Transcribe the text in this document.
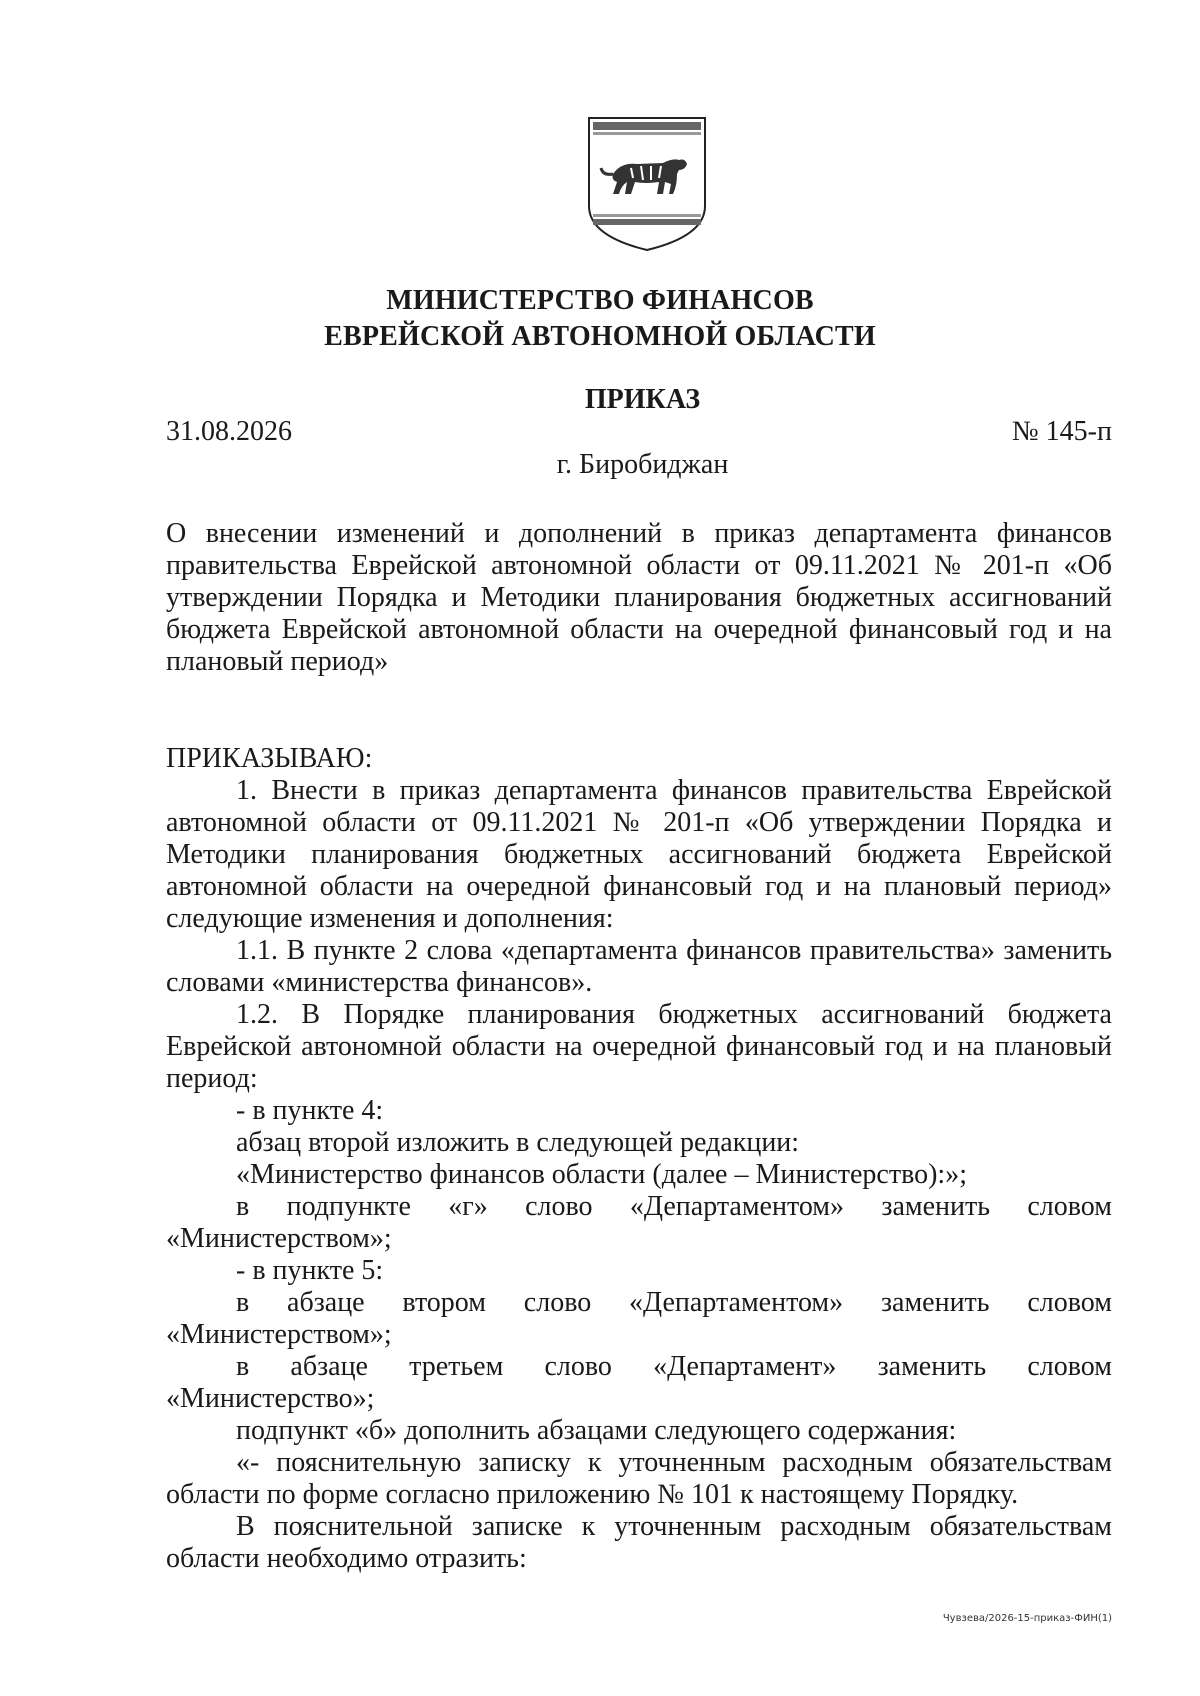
МИНИСТЕРСТВО ФИНАНСОВ
ЕВРЕЙСКОЙ АВТОНОМНОЙ ОБЛАСТИ
ПРИКАЗ
31.08.2026	№ 145-п
г. Биробиджан
О внесении изменений и дополнений в приказ департамента финансов правительства Еврейской автономной области от 09.11.2021 № 201-п «Об утверждении Порядка и Методики планирования бюджетных ассигнований бюджета Еврейской автономной области на очередной финансовый год и на плановый период»

ПРИКАЗЫВАЮ:

1. Внести в приказ департамента финансов правительства Еврейской автономной области от 09.11.2021 № 201-п «Об утверждении Порядка и Методики планирования бюджетных ассигнований бюджета Еврейской автономной области на очередной финансовый год и на плановый период» следующие изменения и дополнения:

1.1. В пункте 2 слова «департамента финансов правительства» заменить словами «министерства финансов».

1.2. В Порядке планирования бюджетных ассигнований бюджета Еврейской автономной области на очередной финансовый год и на плановый период:

- в пункте 4:

абзац второй изложить в следующей редакции:

«Министерство финансов области (далее – Министерство):»;

в подпункте «г» слово «Департаментом» заменить словом «Министерством»;

- в пункте 5:

в абзаце втором слово «Департаментом» заменить словом «Министерством»;

в абзаце третьем слово «Департамент» заменить словом «Министерство»;

подпункт «б» дополнить абзацами следующего содержания:

«- пояснительную записку к уточненным расходным обязательствам области по форме согласно приложению № 101 к настоящему Порядку.

В пояснительной записке к уточненным расходным обязательствам области необходимо отразить:

Чувзева/2026-15-приказ-ФИН(1)
